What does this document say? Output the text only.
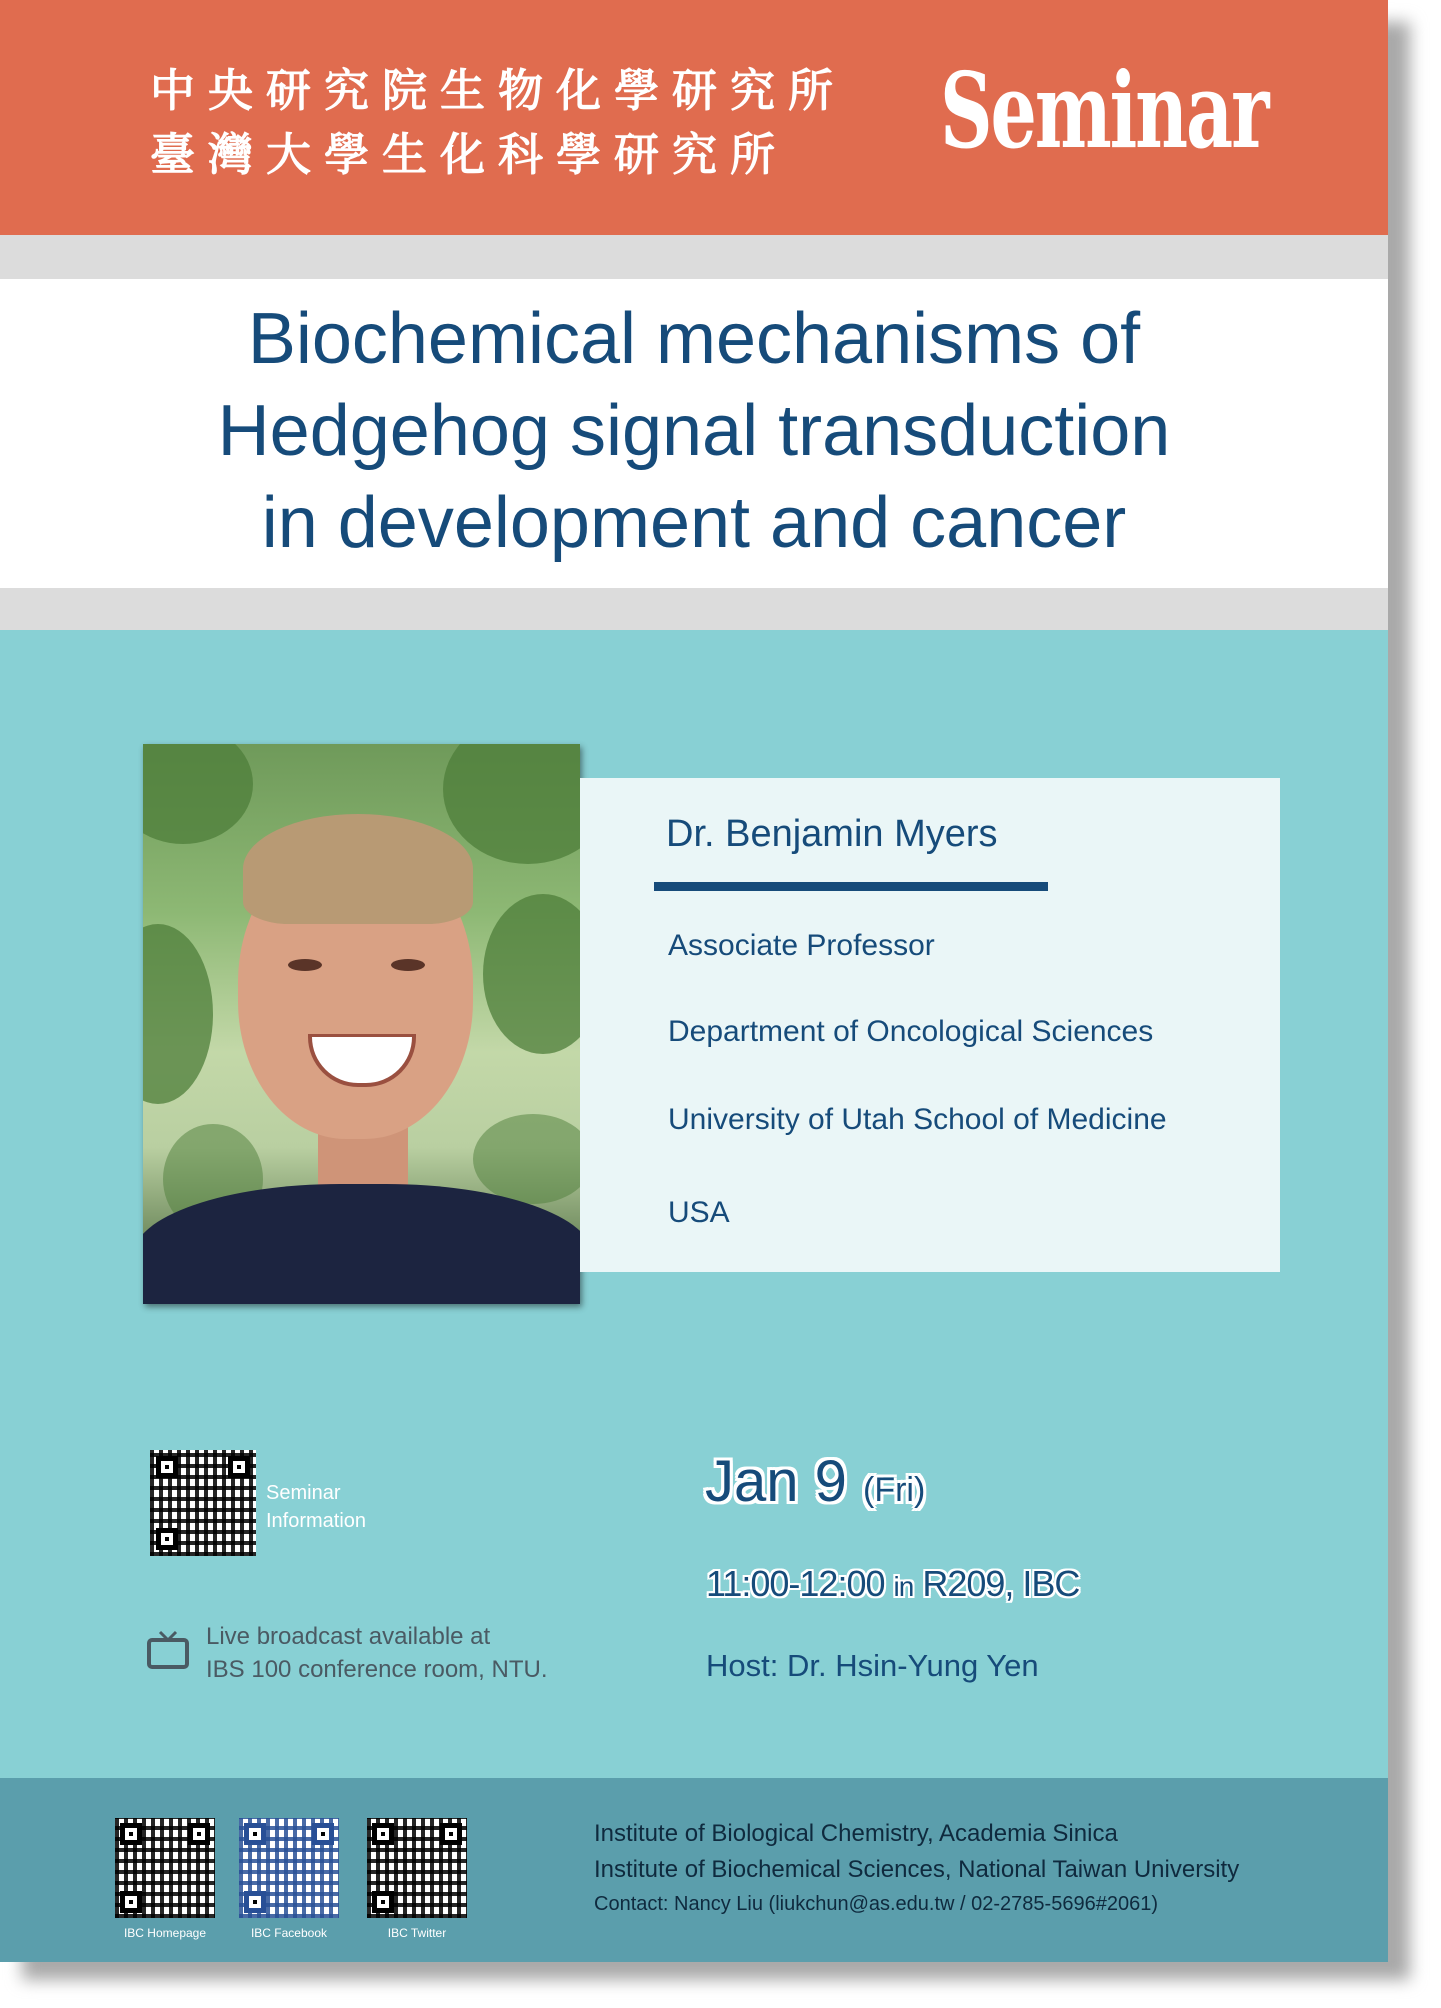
中央研究院生物化學研究所
臺灣大學生化科學研究所 Seminar
Biochemical mechanisms of
Hedgehog signal transduction
in development and cancer
Dr. Benjamin Myers
Associate Professor
Department of Oncological Sciences
University of Utah School of Medicine
USA
Seminar
Information
Live broadcast available at
IBS 100 conference room, NTU.
Jan 9 (Fri)
11:00-12:00 in R209, IBC
Host: Dr. Hsin-Yung Yen
IBC Homepage	IBC Facebook	IBC Twitter
Institute of Biological Chemistry, Academia Sinica
Institute of Biochemical Sciences, National Taiwan University
Contact: Nancy Liu (liukchun@as.edu.tw / 02-2785-5696#2061)
